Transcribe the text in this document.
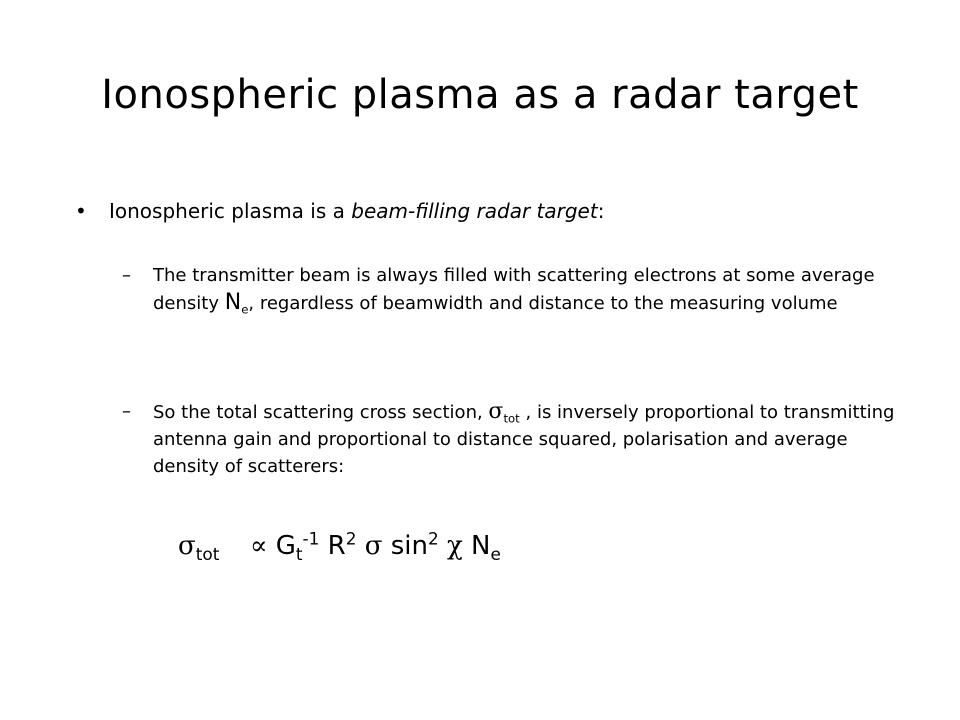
Ionospheric plasma as a radar target
• Ionospheric plasma is a beam-filling radar target:
–	The transmitter beam is always filled with scattering electrons at some average density $N_e$, regardless of beamwidth and distance to the measuring volume
–	So the total scattering cross section, $\sigma_{tot}$ , is inversely proportional to transmitting antenna gain and proportional to distance squared, polarisation and average density of scatterers:
$\sigma_{tot} \propto G_t^{-1}$ $R^2$ σ $\sin^2 \chi$ $N_e$
